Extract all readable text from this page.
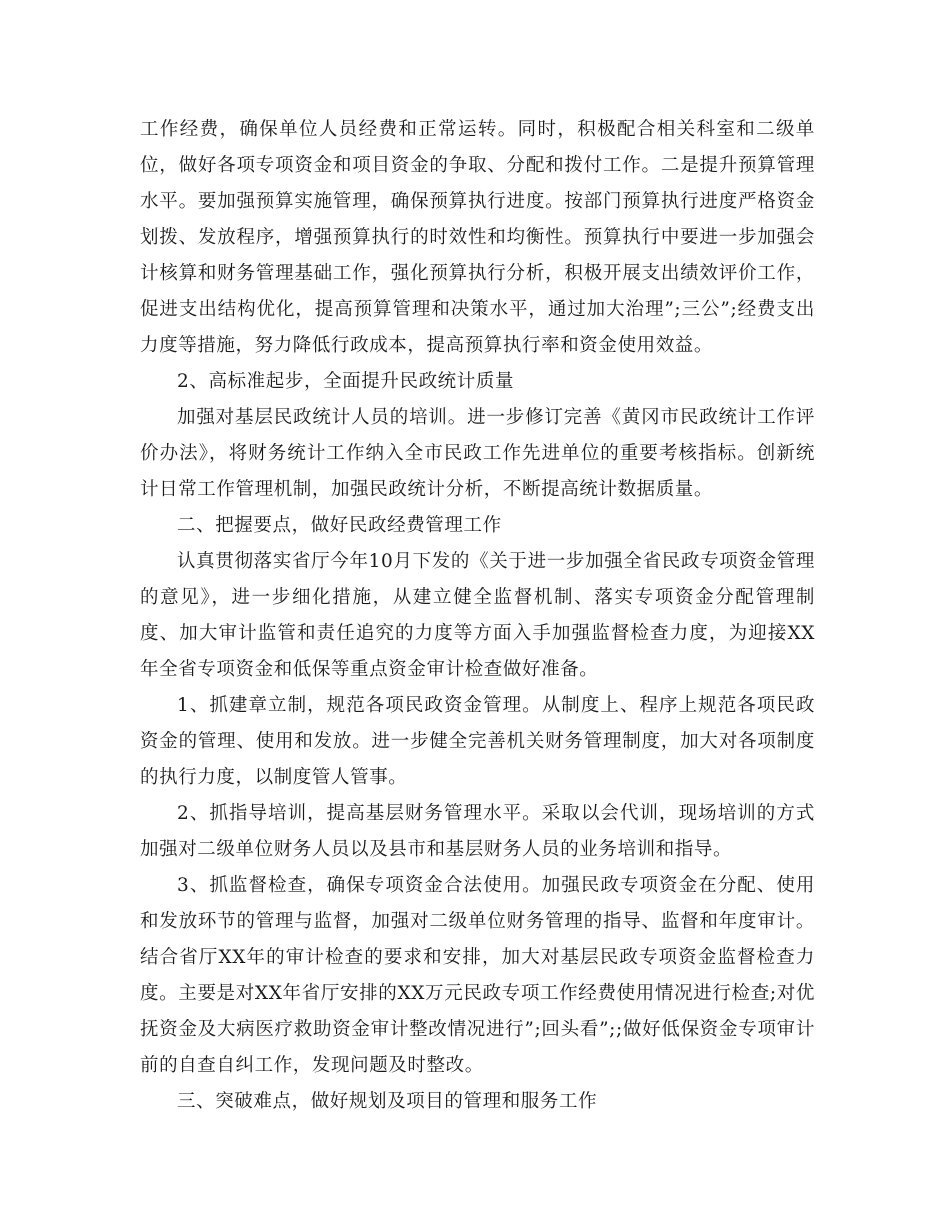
工作经费，确保单位人员经费和正常运转。同时，积极配合相关科室和二级单位，做好各项专项资金和项目资金的争取、分配和拨付工作。二是提升预算管理水平。要加强预算实施管理，确保预算执行进度。按部门预算执行进度严格资金划拨、发放程序，增强预算执行的时效性和均衡性。预算执行中要进一步加强会计核算和财务管理基础工作，强化预算执行分析，积极开展支出绩效评价工作，促进支出结构优化，提高预算管理和决策水平，通过加大治理”;三公”;经费支出力度等措施，努力降低行政成本，提高预算执行率和资金使用效益。

2、高标准起步，全面提升民政统计质量

加强对基层民政统计人员的培训。进一步修订完善《黄冈市民政统计工作评价办法》，将财务统计工作纳入全市民政工作先进单位的重要考核指标。创新统计日常工作管理机制，加强民政统计分析，不断提高统计数据质量。

二、把握要点，做好民政经费管理工作

认真贯彻落实省厅今年10月下发的《关于进一步加强全省民政专项资金管理的意见》，进一步细化措施，从建立健全监督机制、落实专项资金分配管理制度、加大审计监管和责任追究的力度等方面入手加强监督检查力度，为迎接XX年全省专项资金和低保等重点资金审计检查做好准备。

1、抓建章立制，规范各项民政资金管理。从制度上、程序上规范各项民政资金的管理、使用和发放。进一步健全完善机关财务管理制度，加大对各项制度的执行力度，以制度管人管事。

2、抓指导培训，提高基层财务管理水平。采取以会代训，现场培训的方式加强对二级单位财务人员以及县市和基层财务人员的业务培训和指导。

3、抓监督检查，确保专项资金合法使用。加强民政专项资金在分配、使用和发放环节的管理与监督，加强对二级单位财务管理的指导、监督和年度审计。结合省厅XX年的审计检查的要求和安排，加大对基层民政专项资金监督检查力度。主要是对XX年省厅安排的XX万元民政专项工作经费使用情况进行检查;对优抚资金及大病医疗救助资金审计整改情况进行”;回头看”;;做好低保资金专项审计前的自查自纠工作，发现问题及时整改。

三、突破难点，做好规划及项目的管理和服务工作
